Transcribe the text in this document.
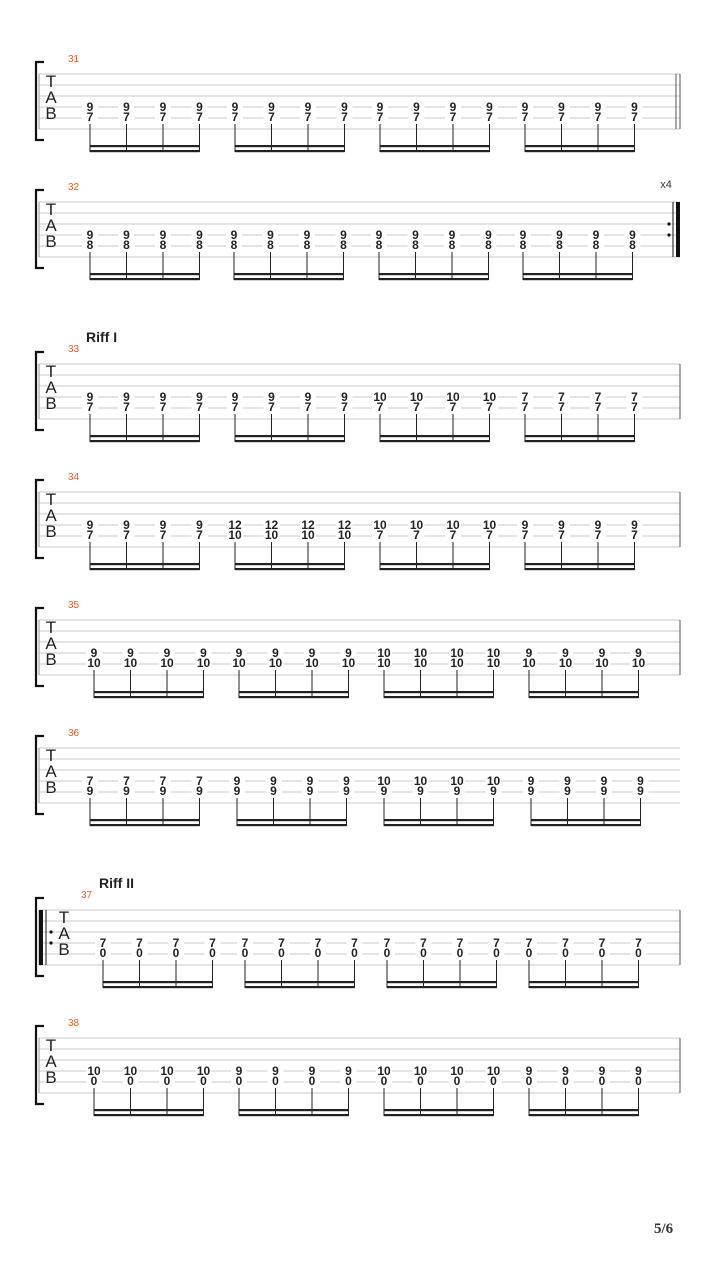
31
T
A
B 9
7
9
7
9
7
9
7
9
7
9
7
9
7
9
7
9
7
9
7
9
7
9
7
9
7
9
7
9
7
9
7
32
T
A
B
x4
9
8
9
8
9
8
9
8
9
8
9
8
9
8
9
8
9
8
9
8
9
8
9
8
9
8
9
8
9
8
9
8
Riff I
33
T
A
B 9
7
9
7
9
7
9
7
9
7
9
7
9
7
9
7
10
7
10
7
10
7
10
7
7
7
7
7
7
7
7
7
34
T
A
B 9
7
9
7
9
7
9
7
12
10
12
10
12
10
12
10
10
7
10
7
10
7
10
7
9
7
9
7
9
7
9
7
35
T
A
B	9
10
9
10
9
10
9
10
9
10
9
10
9
10
9
10
10
10
10
10
10
10
10
10
9
10
9
10
9
10
9
10
36
T
A
B 7
9
7
9
7
9
7
9
9
9
9
9
9
9
9
9
10
9
10
9
10
9
10
9
9
9
9
9
9
9
9
9
Riff II
37
T
A
B 7
0
7
0
7
0
7
0
7
0
7
0
7
0
7
0
7
0
7
0
7
0
7
0
7
0
7
0
7
0
7
0
38
T
A
B	10
0
10
0
10
0
10
0
9
0
9
0
9
0
9
0
10
0
10
0
10
0
10
0
9
0
9
0
9
0
9
0
5/6
